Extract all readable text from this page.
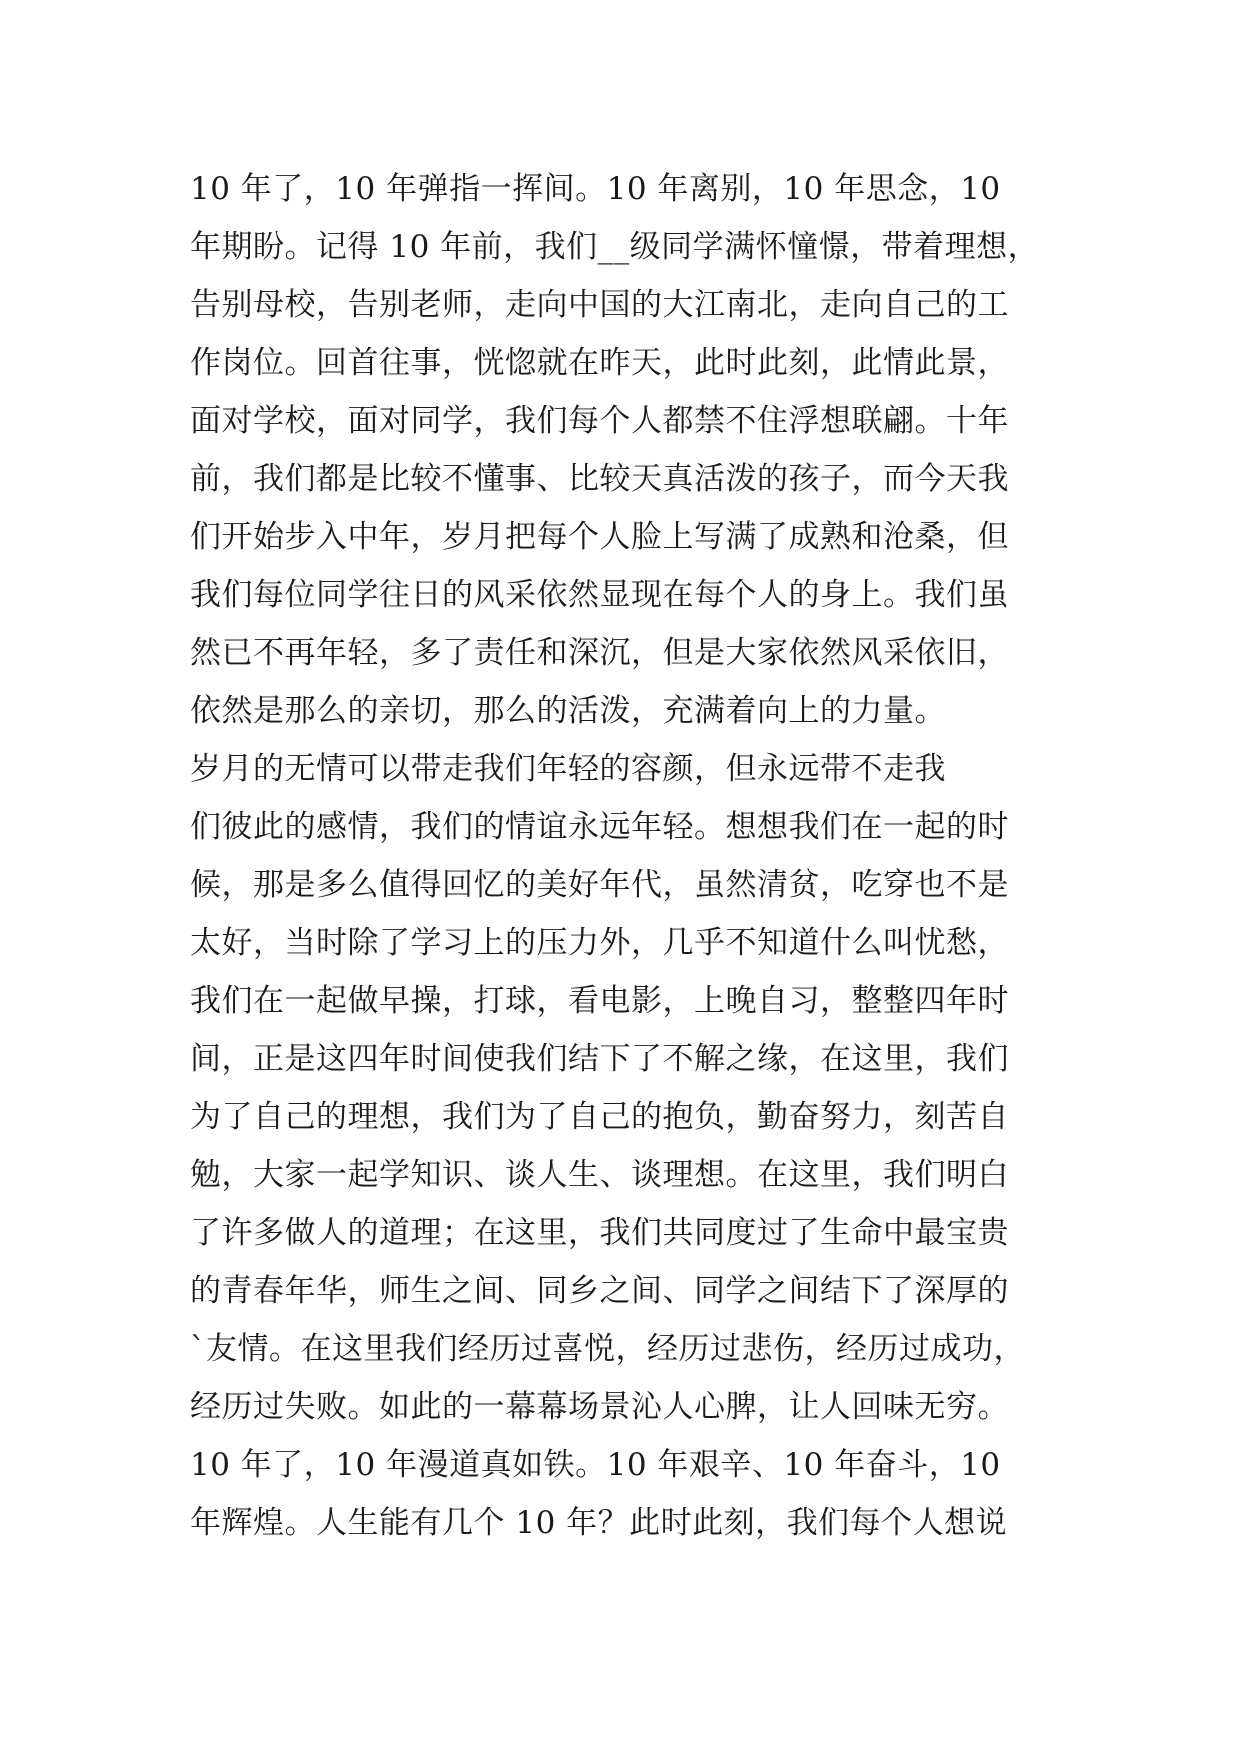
10 年了，10 年弹指一挥间。10 年离别，10 年思念，10
年期盼。记得 10 年前，我们__级同学满怀憧憬，带着理想，
告别母校，告别老师，走向中国的大江南北，走向自己的工
作岗位。回首往事，恍惚就在昨天，此时此刻，此情此景，
面对学校，面对同学，我们每个人都禁不住浮想联翩。十年
前，我们都是比较不懂事、比较天真活泼的孩子，而今天我
们开始步入中年，岁月把每个人脸上写满了成熟和沧桑，但
我们每位同学往日的风采依然显现在每个人的身上。我们虽
然已不再年轻，多了责任和深沉，但是大家依然风采依旧，
依然是那么的亲切，那么的活泼，充满着向上的力量。
岁月的无情可以带走我们年轻的容颜，但永远带不走我
们彼此的感情，我们的情谊永远年轻。想想我们在一起的时
候，那是多么值得回忆的美好年代，虽然清贫，吃穿也不是
太好，当时除了学习上的压力外，几乎不知道什么叫忧愁，
我们在一起做早操，打球，看电影，上晚自习，整整四年时
间，正是这四年时间使我们结下了不解之缘，在这里，我们
为了自己的理想，我们为了自己的抱负，勤奋努力，刻苦自
勉，大家一起学知识、谈人生、谈理想。在这里，我们明白
了许多做人的道理；在这里，我们共同度过了生命中最宝贵
的青春年华，师生之间、同乡之间、同学之间结下了深厚的
`友情。在这里我们经历过喜悦，经历过悲伤，经历过成功，
经历过失败。如此的一幕幕场景沁人心脾，让人回味无穷。
10 年了，10 年漫道真如铁。10 年艰辛、10 年奋斗，10
年辉煌。人生能有几个 10 年？此时此刻，我们每个人想说
